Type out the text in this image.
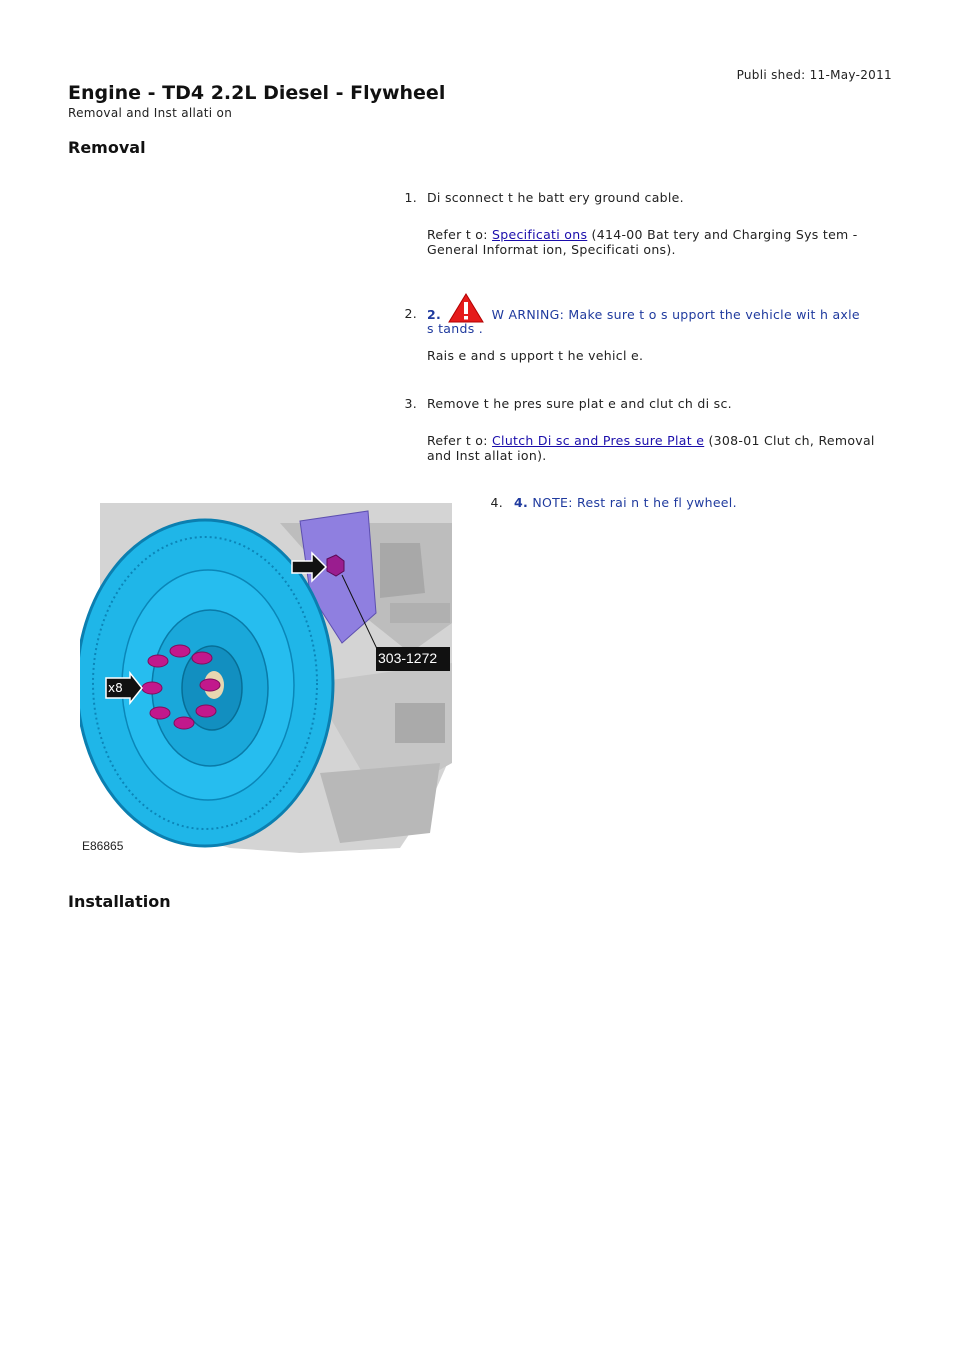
Publi shed: 11-May-2011
Engine - TD4 2.2L Diesel - Flywheel
Removal and Inst allati on
Removal
1. Di sconnect t he batt ery ground cable.
Refer t o: Specificati ons (414-00 Bat tery and Charging Sys tem -
General Informat ion, Specificati ons).
2. 2.	W ARNING: Make sure t o s upport the vehicle wit h axle
s tands .
Rais e and s upport t he vehicl e.
3. Remove t he pres sure plat e and clut ch di sc.
Refer t o: Clutch Di sc and Pres sure Plat e (308-01 Clut ch, Removal
and Inst allat ion).
4. 4. NOTE: Rest rai n t he fl ywheel.
x8
303-1272
E86865
Installation
